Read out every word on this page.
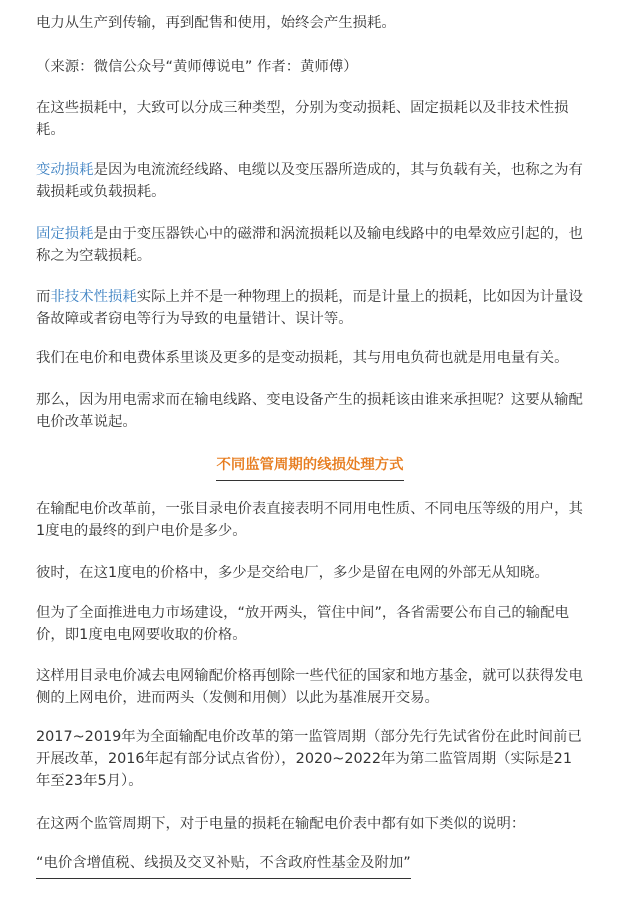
电力从生产到传输，再到配售和使用，始终会产生损耗。

（来源：微信公众号“黄师傅说电” 作者：黄师傅）

在这些损耗中，大致可以分成三种类型，分别为变动损耗、固定损耗以及非技术性损耗。

变动损耗是因为电流流经线路、电缆以及变压器所造成的，其与负载有关，也称之为有载损耗或负载损耗。

固定损耗是由于变压器铁心中的磁滞和涡流损耗以及输电线路中的电晕效应引起的，也称之为空载损耗。

而非技术性损耗实际上并不是一种物理上的损耗，而是计量上的损耗，比如因为计量设备故障或者窃电等行为导致的电量错计、误计等。

我们在电价和电费体系里谈及更多的是变动损耗，其与用电负荷也就是用电量有关。

那么，因为用电需求而在输电线路、变电设备产生的损耗该由谁来承担呢？这要从输配电价改革说起。

不同监管周期的线损处理方式

在输配电价改革前，一张目录电价表直接表明不同用电性质、不同电压等级的用户，其1度电的最终的到户电价是多少。

彼时，在这1度电的价格中，多少是交给电厂，多少是留在电网的外部无从知晓。

但为了全面推进电力市场建设，“放开两头，管住中间”，各省需要公布自己的输配电价，即1度电电网要收取的价格。

这样用目录电价减去电网输配价格再刨除一些代征的国家和地方基金，就可以获得发电侧的上网电价，进而两头（发侧和用侧）以此为基准展开交易。

2017~2019年为全面输配电价改革的第一监管周期（部分先行先试省份在此时间前已开展改革，2016年起有部分试点省份），2020~2022年为第二监管周期（实际是21年至23年5月）。

在这两个监管周期下，对于电量的损耗在输配电价表中都有如下类似的说明：

“电价含增值税、线损及交叉补贴，不含政府性基金及附加”
